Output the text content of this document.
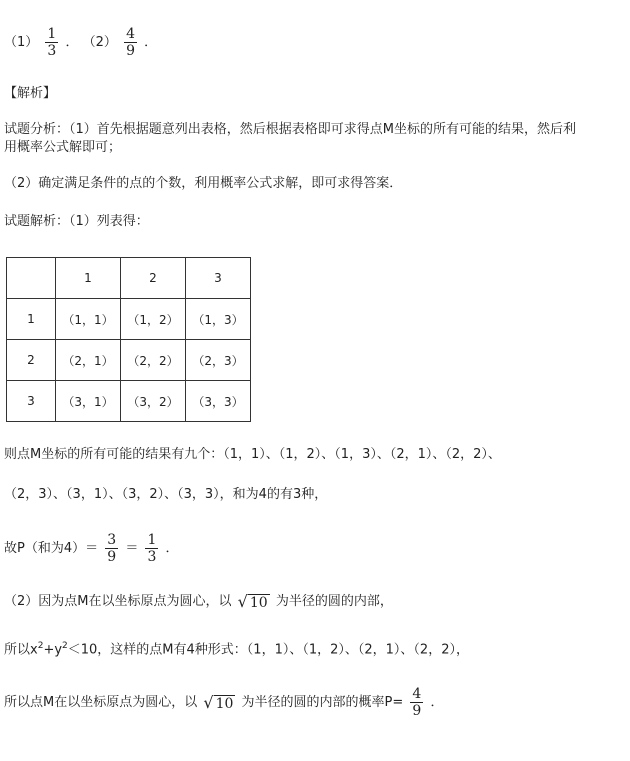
$(1) \frac{1}{3}$ ． $(2) \frac{4}{9}$ ．
【解析】
试题分析：（1）首先根据题意列出表格，然后根据表格即可求得点M坐标的所有可能的结果，然后利
用概率公式解即可；
（2）确定满足条件的点的个数，利用概率公式求解，即可求得答案．
试题解析：（1）列表得：
	1	2	3
1	（1，1）	（1，2）	（1，3）
2	（2，1）	（2，2）	（2，3）
3	（3，1）	（3，2）	（3，3）
则点M坐标的所有可能的结果有九个：（1，1）、（1，2）、（1，3）、（2，1）、（2，2）、
（2，3）、（3，1）、（3，2）、（3，3），和为4的有3种，
故P（和为$4)= \frac{3}{9} = \frac{1}{3}$ ．
（2）因为点M在以坐标原点为圆心，以 √ 10 为半径的圆的内部，
所以$x^2+y^2<10$，这样的点M有4种形式：（1，1）、（1，2）、（2，1）、（2，2），
所以点M在以坐标原点为圆心，以 √ 10 为半径的圆的内部的概率$P= \frac{4}{9}$ ．
